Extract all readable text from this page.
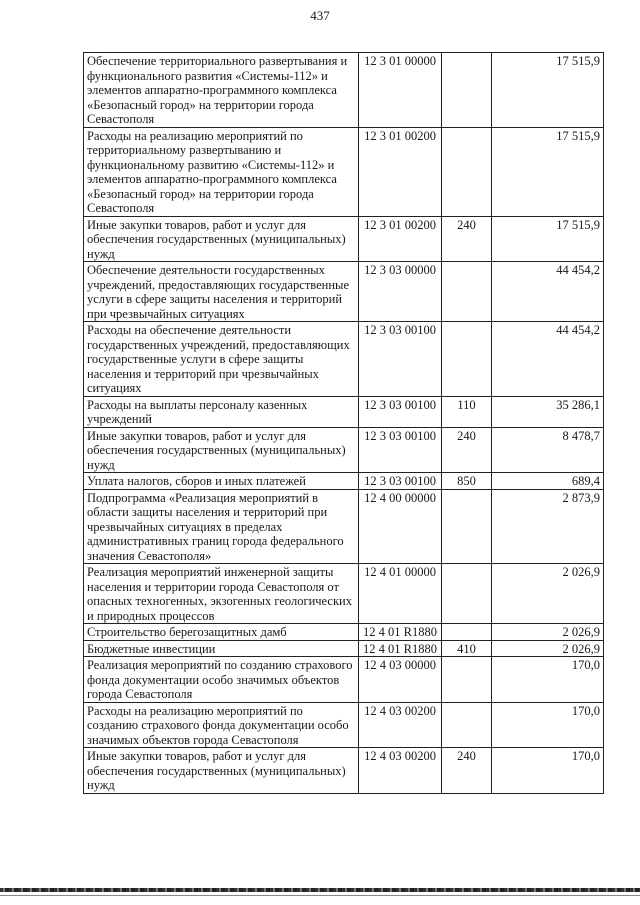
437
Обеспечение территориального развертывания и функционального развития «Системы-112» и элементов аппаратно-программного комплекса «Безопасный город» на территории города Севастополя	12 3 01 00000		17 515,9
Расходы на реализацию мероприятий по территориальному развертыванию и функциональному развитию «Системы-112» и элементов аппаратно-программного комплекса «Безопасный город» на территории города Севастополя	12 3 01 00200		17 515,9
Иные закупки товаров, работ и услуг для обеспечения государственных (муниципальных) нужд	12 3 01 00200	240	17 515,9
Обеспечение деятельности государственных учреждений, предоставляющих государственные услуги в сфере защиты населения и территорий при чрезвычайных ситуациях	12 3 03 00000		44 454,2
Расходы на обеспечение деятельности государственных учреждений, предоставляющих государственные услуги в сфере защиты населения и территорий при чрезвычайных ситуациях	12 3 03 00100		44 454,2
Расходы на выплаты персоналу казенных учреждений	12 3 03 00100	110	35 286,1
Иные закупки товаров, работ и услуг для обеспечения государственных (муниципальных) нужд	12 3 03 00100	240	8 478,7
Уплата налогов, сборов и иных платежей	12 3 03 00100	850	689,4
Подпрограмма «Реализация мероприятий в области защиты населения и территорий при чрезвычайных ситуациях в пределах административных границ города федерального значения Севастополя»	12 4 00 00000		2 873,9
Реализация мероприятий инженерной защиты населения и территории города Севастополя от опасных техногенных, экзогенных геологических и природных процессов	12 4 01 00000		2 026,9
Строительство берегозащитных дамб	12 4 01 R1880		2 026,9
Бюджетные инвестиции	12 4 01 R1880	410	2 026,9
Реализация мероприятий по созданию страхового фонда документации особо значимых объектов города Севастополя	12 4 03 00000		170,0
Расходы на реализацию мероприятий по созданию страхового фонда документации особо значимых объектов города Севастополя	12 4 03 00200		170,0
Иные закупки товаров, работ и услуг для обеспечения государственных (муниципальных) нужд	12 4 03 00200	240	170,0
